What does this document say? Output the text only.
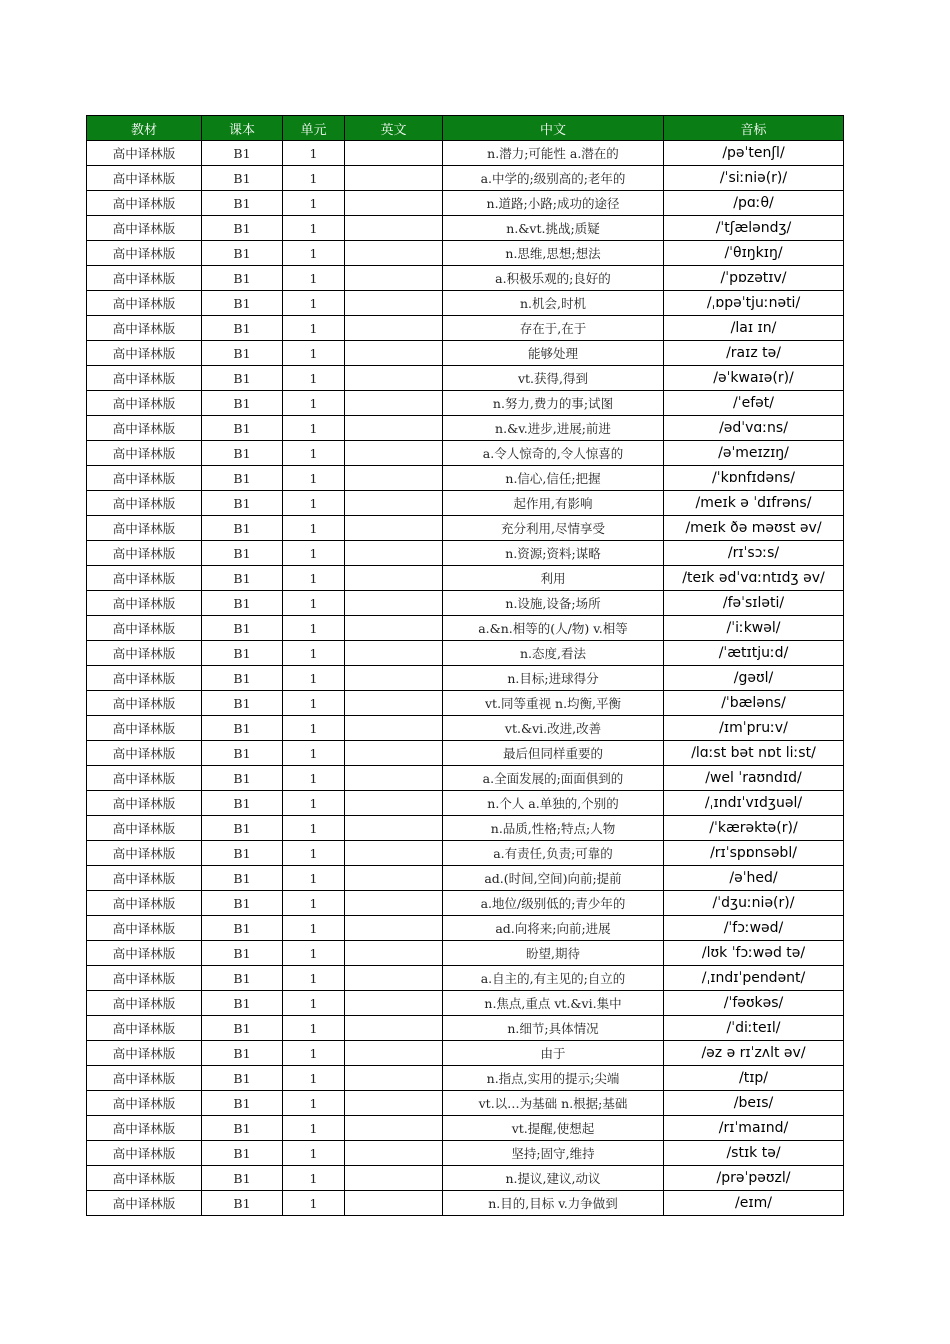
教材	课本	单元	英文	中文	音标
高中译林版	B1	1		n.潜力;可能性 a.潜在的	/pəˈtenʃl/
高中译林版	B1	1		a.中学的;级别高的;老年的	/ˈsiːniə(r)/
高中译林版	B1	1		n.道路;小路;成功的途径	/pɑːθ/
高中译林版	B1	1		n.&vt.挑战;质疑	/ˈtʃæləndʒ/
高中译林版	B1	1		n.思维,思想;想法	/ˈθɪŋkɪŋ/
高中译林版	B1	1		a.积极乐观的;良好的	/ˈpɒzətɪv/
高中译林版	B1	1		n.机会,时机	/ˌɒpəˈtjuːnəti/
高中译林版	B1	1		存在于,在于	/laɪ ɪn/
高中译林版	B1	1		能够处理	/raɪz tə/
高中译林版	B1	1		vt.获得,得到	/əˈkwaɪə(r)/
高中译林版	B1	1		n.努力,费力的事;试图	/ˈefət/
高中译林版	B1	1		n.&v.进步,进展;前进	/ədˈvɑːns/
高中译林版	B1	1		a.令人惊奇的,令人惊喜的	/əˈmeɪzɪŋ/
高中译林版	B1	1		n.信心,信任;把握	/ˈkɒnfɪdəns/
高中译林版	B1	1		起作用,有影响	/meɪk ə ˈdɪfrəns/
高中译林版	B1	1		充分利用,尽情享受	/meɪk ðə məʊst əv/
高中译林版	B1	1		n.资源;资料;谋略	/rɪˈsɔːs/
高中译林版	B1	1		利用	/teɪk ədˈvɑːntɪdʒ əv/
高中译林版	B1	1		n.设施,设备;场所	/fəˈsɪləti/
高中译林版	B1	1		a.&n.相等的(人/物) v.相等	/ˈiːkwəl/
高中译林版	B1	1		n.态度,看法	/ˈætɪtjuːd/
高中译林版	B1	1		n.目标;进球得分	/gəʊl/
高中译林版	B1	1		vt.同等重视 n.均衡,平衡	/ˈbæləns/
高中译林版	B1	1		vt.&vi.改进,改善	/ɪmˈpruːv/
高中译林版	B1	1		最后但同样重要的	/lɑːst bət nɒt liːst/
高中译林版	B1	1		a.全面发展的;面面俱到的	/wel ˈraʊndɪd/
高中译林版	B1	1		n.个人 a.单独的,个别的	/ˌɪndɪˈvɪdʒuəl/
高中译林版	B1	1		n.品质,性格;特点;人物	/ˈkærəktə(r)/
高中译林版	B1	1		a.有责任,负责;可靠的	/rɪˈspɒnsəbl/
高中译林版	B1	1		ad.(时间,空间)向前;提前	/əˈhed/
高中译林版	B1	1		a.地位/级别低的;青少年的	/ˈdʒuːniə(r)/
高中译林版	B1	1		ad.向将来;向前;进展	/ˈfɔːwəd/
高中译林版	B1	1		盼望,期待	/lʊk ˈfɔːwəd tə/
高中译林版	B1	1		a.自主的,有主见的;自立的	/ˌɪndɪˈpendənt/
高中译林版	B1	1		n.焦点,重点 vt.&vi.集中	/ˈfəʊkəs/
高中译林版	B1	1		n.细节;具体情况	/ˈdiːteɪl/
高中译林版	B1	1		由于	/əz ə rɪˈzʌlt əv/
高中译林版	B1	1		n.指点,实用的提示;尖端	/tɪp/
高中译林版	B1	1		vt.以…为基础 n.根据;基础	/beɪs/
高中译林版	B1	1		vt.提醒,使想起	/rɪˈmaɪnd/
高中译林版	B1	1		坚持;固守,维持	/stɪk tə/
高中译林版	B1	1		n.提议,建议,动议	/prəˈpəʊzl/
高中译林版	B1	1		n.目的,目标 v.力争做到	/eɪm/
